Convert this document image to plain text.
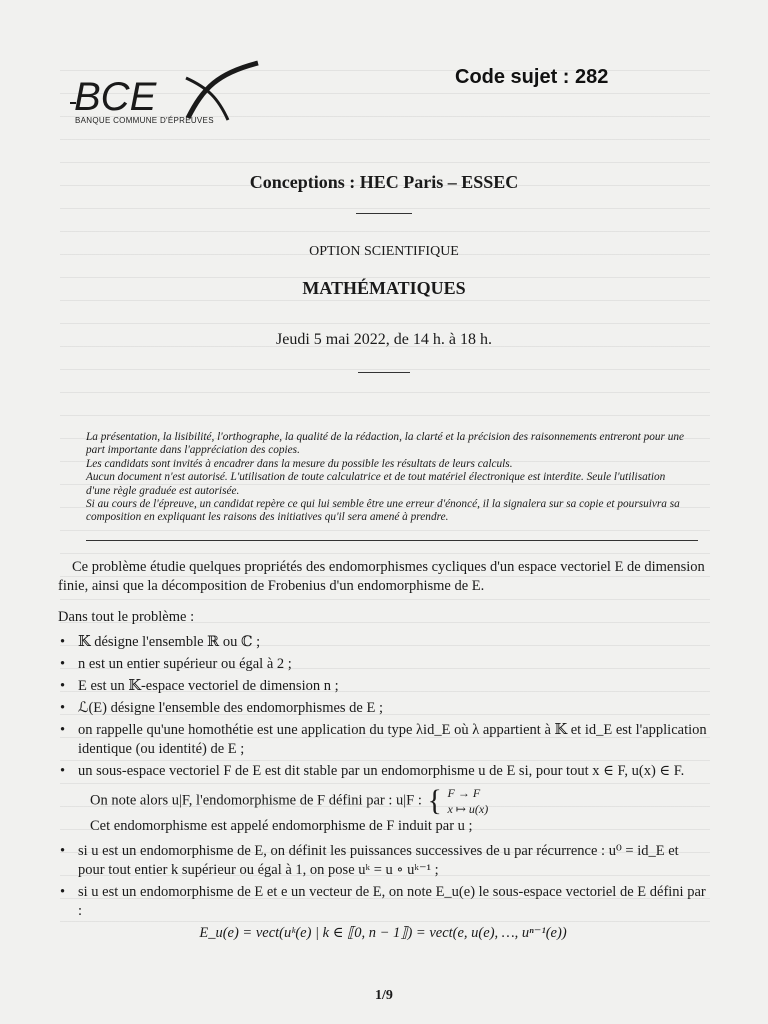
BCE
BANQUE COMMUNE D'ÉPREUVES
Code sujet : 282
Conceptions : HEC Paris – ESSEC
OPTION SCIENTIFIQUE
MATHÉMATIQUES
Jeudi 5 mai 2022, de 14 h. à 18 h.

La présentation, la lisibilité, l'orthographe, la qualité de la rédaction, la clarté et la précision des raisonnements entreront pour une part importante dans l'appréciation des copies.

Les candidats sont invités à encadrer dans la mesure du possible les résultats de leurs calculs.

Aucun document n'est autorisé. L'utilisation de toute calculatrice et de tout matériel électronique est interdite. Seule l'utilisation d'une règle graduée est autorisée.

Si au cours de l'épreuve, un candidat repère ce qui lui semble être une erreur d'énoncé, il la signalera sur sa copie et poursuivra sa composition en expliquant les raisons des initiatives qu'il sera amené à prendre.

Ce problème étudie quelques propriétés des endomorphismes cycliques d'un espace vectoriel E de dimension finie, ainsi que la décomposition de Frobenius d'un endomorphisme de E.

Dans tout le problème :

• 𝕂 désigne l'ensemble ℝ ou ℂ ;
• n est un entier supérieur ou égal à 2 ;
• E est un 𝕂-espace vectoriel de dimension n ;
• ℒ(E) désigne l'ensemble des endomorphismes de E ;
• on rappelle qu'une homothétie est une application du type λid_E où λ appartient à 𝕂 et id_E est l'application identique (ou identité) de E ;
• un sous-espace vectoriel F de E est dit stable par un endomorphisme u de E si, pour tout x ∈ F, u(x) ∈ F.
On note alors u|F, l'endomorphisme de F défini par : u|F : { F → F
x ↦ u(x)

Cet endomorphisme est appelé endomorphisme de F induit par u ;

• si u est un endomorphisme de E, on définit les puissances successives de u par récurrence : u⁰ = id_E et pour tout entier k supérieur ou égal à 1, on pose uᵏ = u ∘ uᵏ⁻¹ ;
• si u est un endomorphisme de E et e un vecteur de E, on note E_u(e) le sous-espace vectoriel de E défini par :

E_u(e) = vect(uᵏ(e) | k ∈ ⟦0, n − 1⟧) = vect(e, u(e), …, uⁿ⁻¹(e))

1/9
